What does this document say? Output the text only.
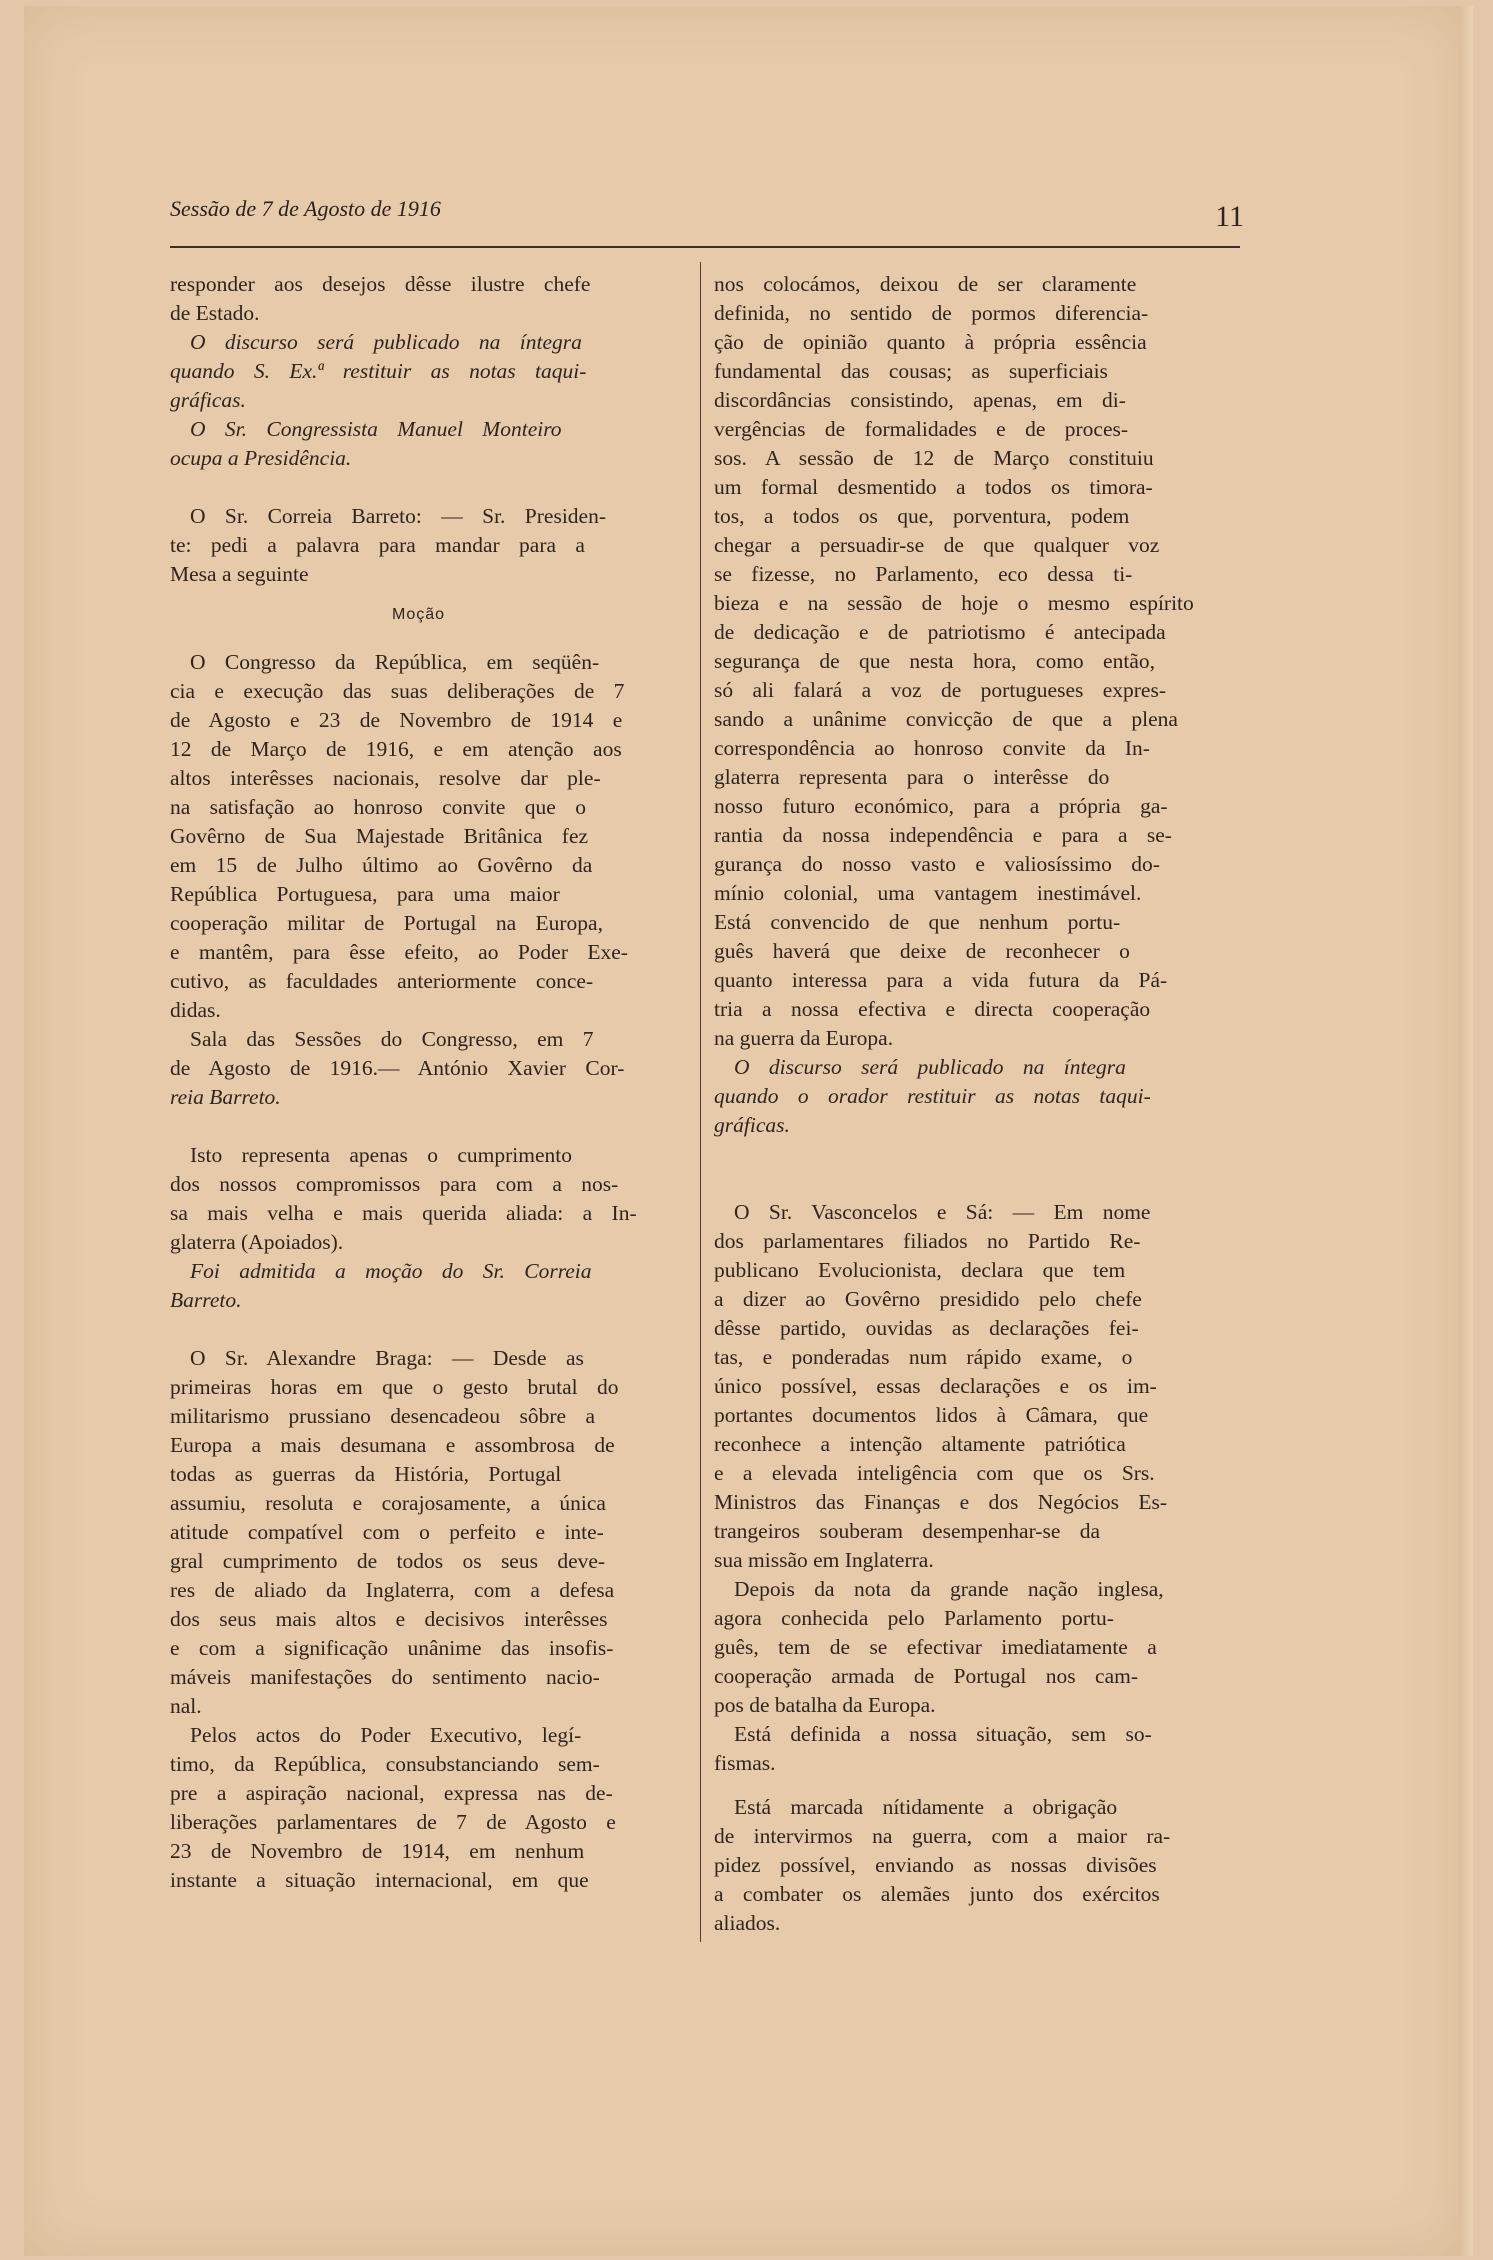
Sessão de 7 de Agosto de 1916	11
responder aos desejos dêsse ilustre chefe
de Estado.
O discurso será publicado na íntegra
quando S. Ex.ª restituir as notas taqui-
gráficas.
O Sr. Congressista Manuel Monteiro
ocupa a Presidência.
O Sr. Correia Barreto: — Sr. Presiden-
te: pedi a palavra para mandar para a
Mesa a seguinte
Moção
O Congresso da República, em seqüên-
cia e execução das suas deliberações de 7
de Agosto e 23 de Novembro de 1914 e
12 de Março de 1916, e em atenção aos
altos interêsses nacionais, resolve dar ple-
na satisfação ao honroso convite que o
Govêrno de Sua Majestade Britânica fez
em 15 de Julho último ao Govêrno da
República Portuguesa, para uma maior
cooperação militar de Portugal na Europa,
e mantêm, para êsse efeito, ao Poder Exe-
cutivo, as faculdades anteriormente conce-
didas.
Sala das Sessões do Congresso, em 7
de Agosto de 1916.— António Xavier Cor-
reia Barreto.
Isto representa apenas o cumprimento
dos nossos compromissos para com a nos-
sa mais velha e mais querida aliada: a In-
glaterra (Apoiados).
Foi admitida a moção do Sr. Correia
Barreto.
O Sr. Alexandre Braga: — Desde as
primeiras horas em que o gesto brutal do
militarismo prussiano desencadeou sôbre a
Europa a mais desumana e assombrosa de
todas as guerras da História, Portugal
assumiu, resoluta e corajosamente, a única
atitude compatível com o perfeito e inte-
gral cumprimento de todos os seus deve-
res de aliado da Inglaterra, com a defesa
dos seus mais altos e decisivos interêsses
e com a significação unânime das insofis-
máveis manifestações do sentimento nacio-
nal.
Pelos actos do Poder Executivo, legí-
timo, da República, consubstanciando sem-
pre a aspiração nacional, expressa nas de-
liberações parlamentares de 7 de Agosto e
23 de Novembro de 1914, em nenhum
instante a situação internacional, em que
nos colocámos, deixou de ser claramente
definida, no sentido de pormos diferencia-
ção de opinião quanto à própria essência
fundamental das cousas; as superficiais
discordâncias consistindo, apenas, em di-
vergências de formalidades e de proces-
sos. A sessão de 12 de Março constituiu
um formal desmentido a todos os timora-
tos, a todos os que, porventura, podem
chegar a persuadir-se de que qualquer voz
se fizesse, no Parlamento, eco dessa ti-
bieza e na sessão de hoje o mesmo espírito
de dedicação e de patriotismo é antecipada
segurança de que nesta hora, como então,
só ali falará a voz de portugueses expres-
sando a unânime convicção de que a plena
correspondência ao honroso convite da In-
glaterra representa para o interêsse do
nosso futuro económico, para a própria ga-
rantia da nossa independência e para a se-
gurança do nosso vasto e valiosíssimo do-
mínio colonial, uma vantagem inestimável.
Está convencido de que nenhum portu-
guês haverá que deixe de reconhecer o
quanto interessa para a vida futura da Pá-
tria a nossa efectiva e directa cooperação
na guerra da Europa.
O discurso será publicado na íntegra
quando o orador restituir as notas taqui-
gráficas.
O Sr. Vasconcelos e Sá: — Em nome
dos parlamentares filiados no Partido Re-
publicano Evolucionista, declara que tem
a dizer ao Govêrno presidido pelo chefe
dêsse partido, ouvidas as declarações fei-
tas, e ponderadas num rápido exame, o
único possível, essas declarações e os im-
portantes documentos lidos à Câmara, que
reconhece a intenção altamente patriótica
e a elevada inteligência com que os Srs.
Ministros das Finanças e dos Negócios Es-
trangeiros souberam desempenhar-se da
sua missão em Inglaterra.
Depois da nota da grande nação inglesa,
agora conhecida pelo Parlamento portu-
guês, tem de se efectivar imediatamente a
cooperação armada de Portugal nos cam-
pos de batalha da Europa.
Está definida a nossa situação, sem so-
fismas.
Está marcada nítidamente a obrigação
de intervirmos na guerra, com a maior ra-
pidez possível, enviando as nossas divisões
a combater os alemães junto dos exércitos
aliados.
